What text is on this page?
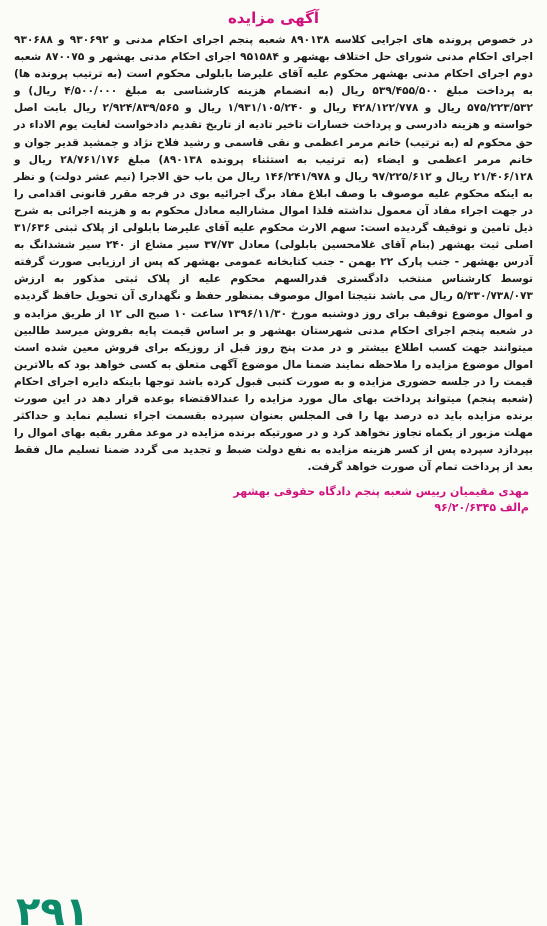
آگهی مزایده

در خصوص پرونده های اجرایی کلاسه ۸۹۰۱۳۸ شعبه پنجم اجرای احکام مدنی و ۹۳۰۶۹۲ و ۹۳۰۶۸۸ اجرای احکام مدنی شورای حل اختلاف بهشهر و ۹۵۱۵۸۴ اجرای احکام مدنی بهشهر و ۸۷۰۰۷۵ شعبه دوم اجرای احکام مدنی بهشهر محکوم علیه آقای علیرضا بابلولی محکوم است (به ترتیب پرونده ها) به پرداخت مبلغ ۵۳۹/۴۵۵/۵۰۰ ریال (به انضمام هزینه کارشناسی به مبلغ ۴/۵۰۰/۰۰۰ ریال) و ۵۷۵/۲۲۳/۵۳۲ ریال و ۴۲۸/۱۲۲/۷۷۸ ریال و ۱/۹۳۱/۱۰۵/۲۴۰ ریال و ۲/۹۲۴/۸۳۹/۵۶۵ ریال بابت اصل خواسته و هزینه دادرسی و پرداخت خسارات تاخیر تادیه از تاریخ تقدیم دادخواست لغایت یوم الاداء در حق محکوم له (به ترتیب) خانم مرمر اعظمی و نقی قاسمی و رشید فلاح نژاد و جمشید قدیر جوان و خانم مرمر اعظمی و ایضاء (به ترتیب به استثناء پرونده ۸۹۰۱۳۸) مبلغ ۲۸/۷۶۱/۱۷۶ ریال و ۲۱/۴۰۶/۱۲۸ ریال و ۹۷/۲۲۵/۶۱۲ ریال و ۱۴۶/۲۴۱/۹۷۸ ریال من باب حق الاجرا (نیم عشر دولت) و نظر به اینکه محکوم علیه موصوف با وصف ابلاغ مفاد برگ اجرائیه بوی در فرجه مقرر قانونی اقدامی را در جهت اجراء مفاد آن معمول نداشته فلذا اموال مشارالیه معادل محکوم به و هزینه اجرائی به شرح ذیل تامین و توقیف گردیده است: سهم الارث محکوم علیه آقای علیرضا بابلولی از پلاک ثبتی ۳۱/۶۳۶ اصلی ثبت بهشهر (بنام آقای غلامحسین بابلولی) معادل ۳۷/۷۳ سیر مشاع از ۲۴۰ سیر ششدانگ به آدرس بهشهر - جنب پارک ۲۲ بهمن - جنب کتابخانه عمومی بهشهر که پس از ارزیابی صورت گرفته توسط کارشناس منتخب دادگستری قدرالسهم محکوم علیه از پلاک ثبتی مذکور به ارزش ۵/۳۳۰/۷۳۸/۰۷۳ ریال می باشد نتیجتا اموال موصوف بمنظور حفظ و نگهداری آن تحویل حافظ گردیده و اموال موضوع توقیف برای روز دوشنبه مورخ ۱۳۹۶/۱۱/۳۰ ساعت ۱۰ صبح الی ۱۲ از طریق مزایده و در شعبه پنجم اجرای احکام مدنی شهرستان بهشهر و بر اساس قیمت پایه بفروش میرسد طالبین میتوانند جهت کسب اطلاع بیشتر و در مدت پنج روز قبل از روزیکه برای فروش معین شده است اموال موضوع مزایده را ملاحظه نمایند ضمنا مال موضوع آگهی متعلق به کسی خواهد بود که بالاترین قیمت را در جلسه حضوری مزایده و به صورت کتبی قبول کرده باشد توجها باینکه دایره اجرای احکام (شعبه پنجم) میتواند پرداخت بهای مال مورد مزایده را عندالاقتضاء بوعده قرار دهد در این صورت برنده مزایده باید ده درصد بها را فی المجلس بعنوان سپرده بقسمت اجراء تسلیم نماید و حداکثر مهلت مزبور از یکماه تجاوز نخواهد کرد و در صورتیکه برنده مزایده در موعد مقرر بقیه بهای اموال را بپردازد سپرده پس از کسر هزینه مزایده به نفع دولت ضبط و تجدید می گردد ضمنا تسلیم مال فقط بعد از پرداخت تمام آن صورت خواهد گرفت.

مهدی مقیمیان رییس شعبه پنجم دادگاه حقوقی بهشهر
م‌الف ۹۶/۲۰/۶۳۴۵
۲۹۱
